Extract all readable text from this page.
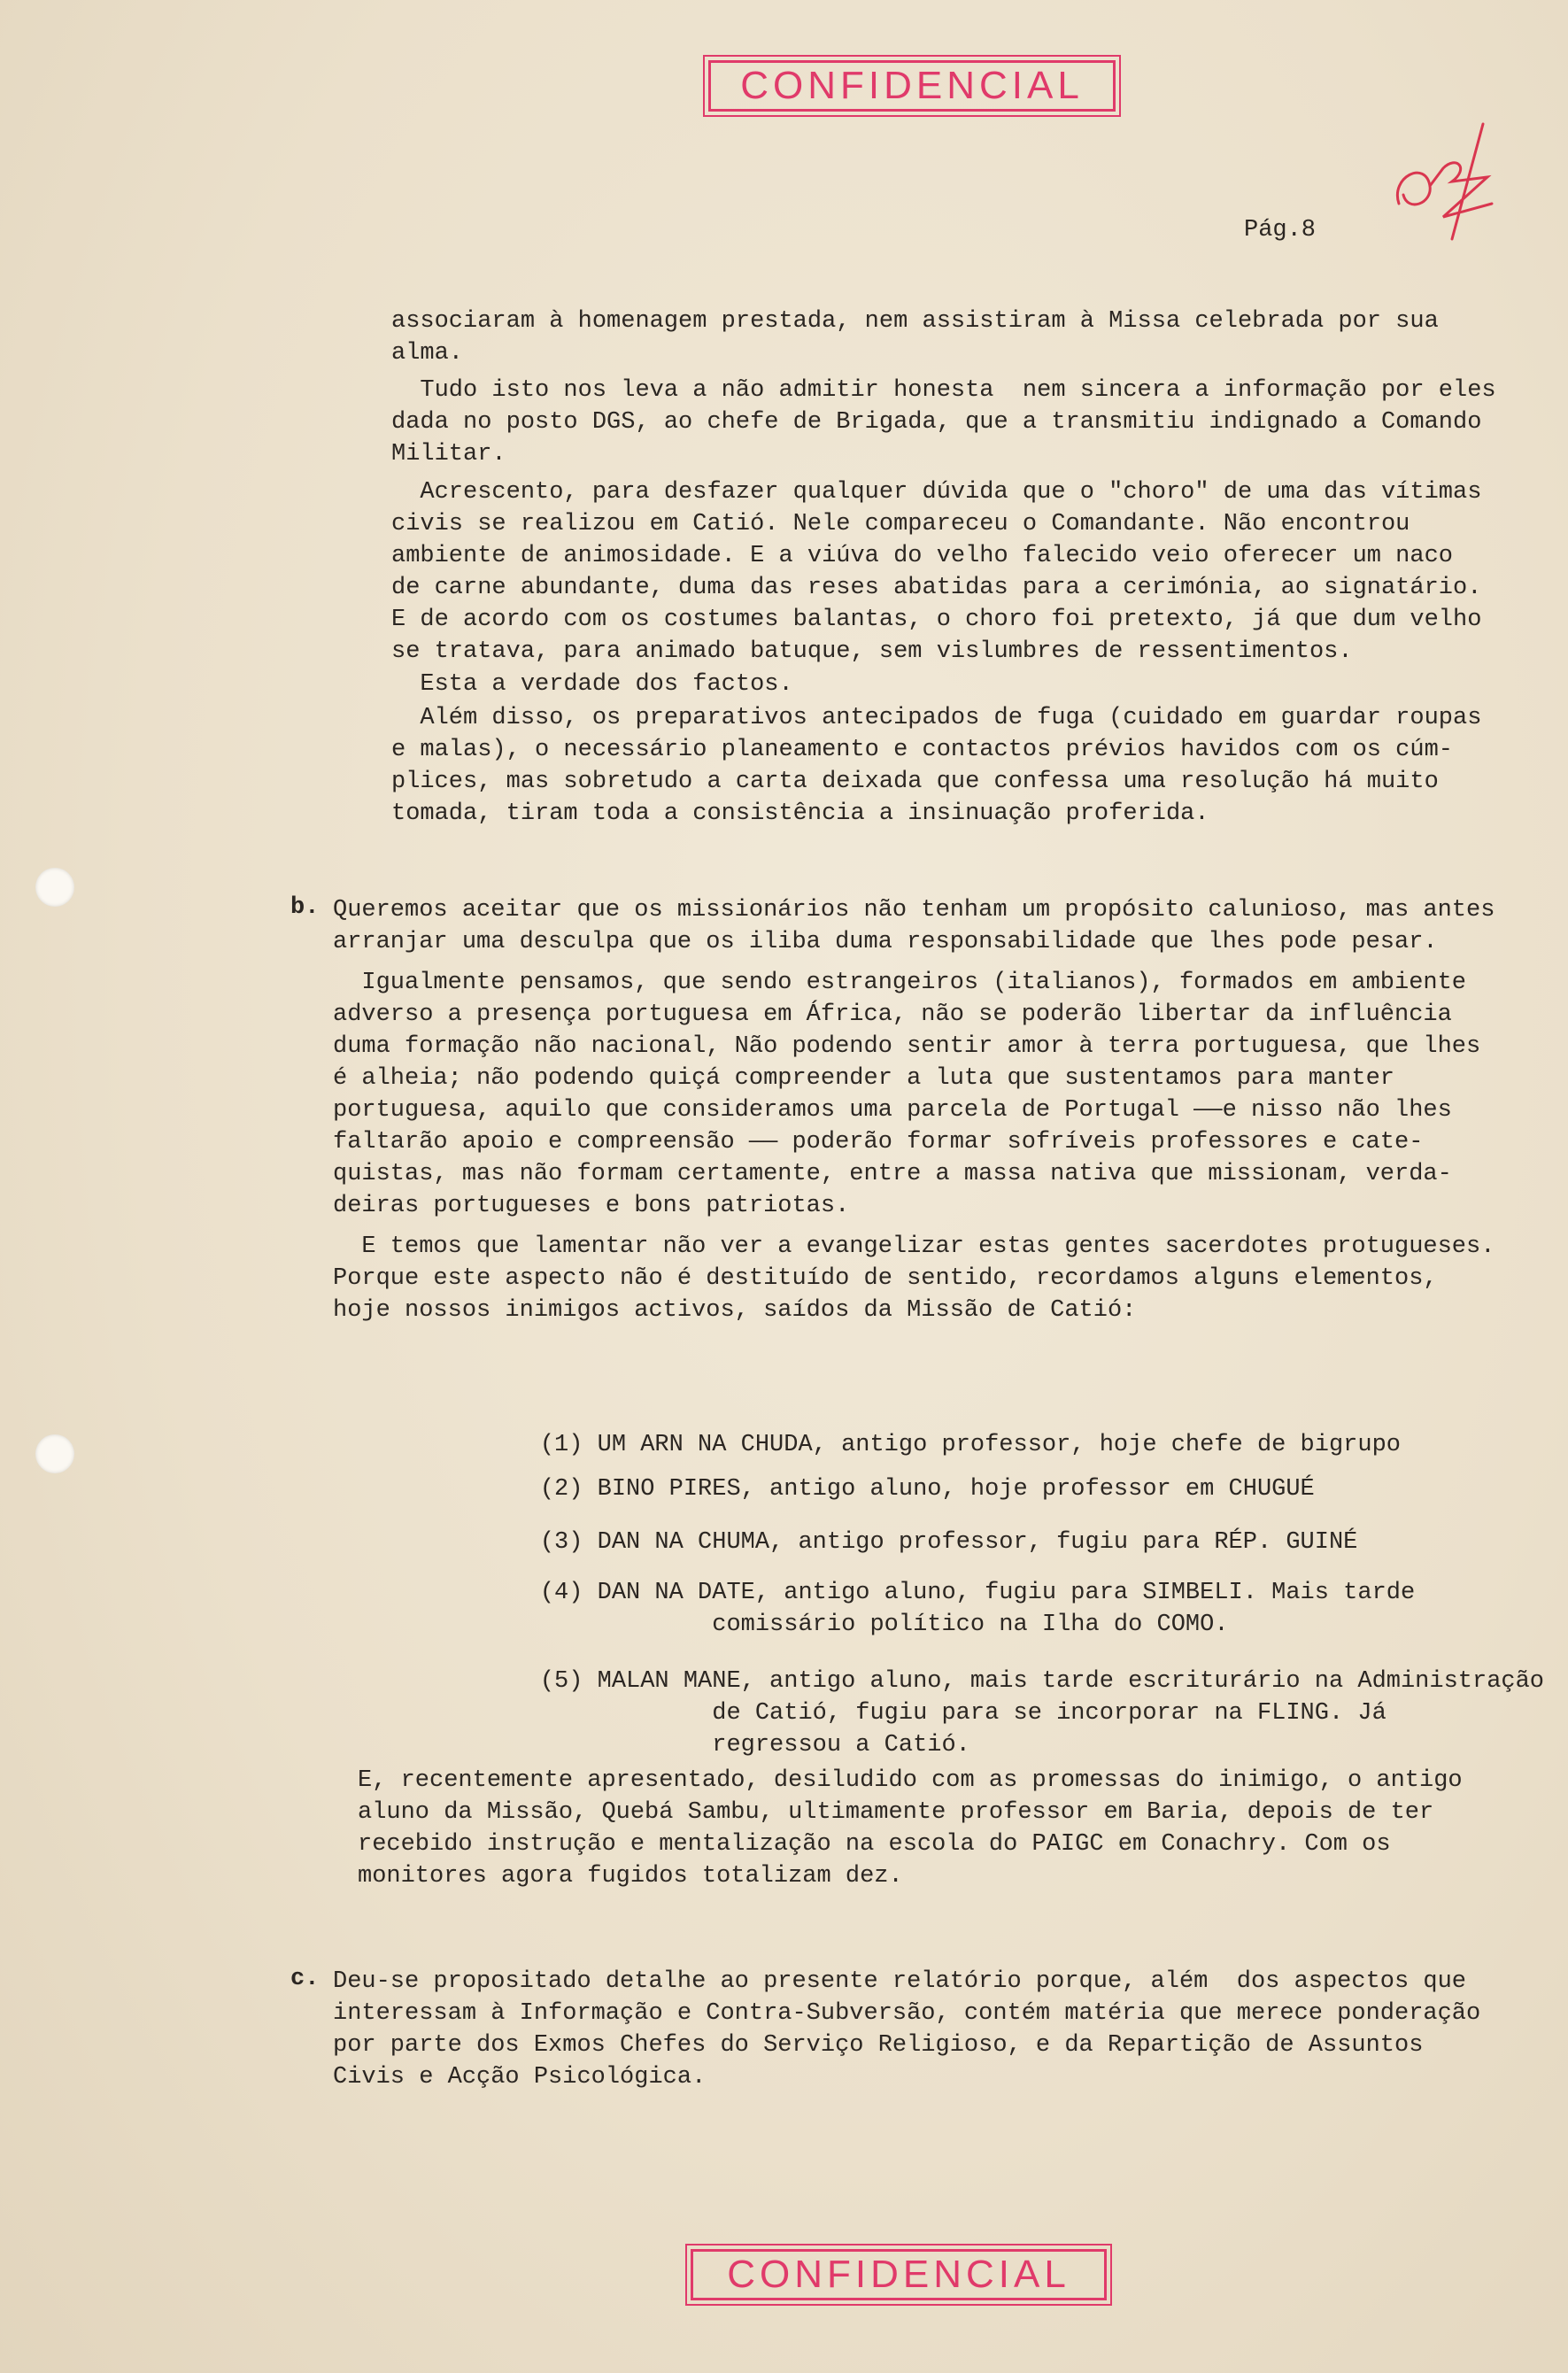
CONFIDENCIAL
Pág.8

associaram à homenagem prestada, nem assistiram à Missa celebrada por sua
alma.

Tudo isto nos leva a não admitir honesta  nem sincera a informação por eles
dada no posto DGS, ao chefe de Brigada, que a transmitiu indignado a Comando
Militar.

Acrescento, para desfazer qualquer dúvida que o "choro" de uma das vítimas
civis se realizou em Catió. Nele compareceu o Comandante. Não encontrou
ambiente de animosidade. E a viúva do velho falecido veio oferecer um naco
de carne abundante, duma das reses abatidas para a cerimónia, ao signatário.
E de acordo com os costumes balantas, o choro foi pretexto, já que dum velho
se tratava, para animado batuque, sem vislumbres de ressentimentos.

Esta a verdade dos factos.

Além disso, os preparativos antecipados de fuga (cuidado em guardar roupas
e malas), o necessário planeamento e contactos prévios havidos com os cúm-
plices, mas sobretudo a carta deixada que confessa uma resolução há muito
tomada, tiram toda a consistência a insinuação proferida.

b. Queremos aceitar que os missionários não tenham um propósito calunioso, mas antes
arranjar uma desculpa que os iliba duma responsabilidade que lhes pode pesar.

Igualmente pensamos, que sendo estrangeiros (italianos), formados em ambiente
adverso a presença portuguesa em África, não se poderão libertar da influência
duma formação não nacional, Não podendo sentir amor à terra portuguesa, que lhes
é alheia; não podendo quiçá compreender a luta que sustentamos para manter
portuguesa, aquilo que consideramos uma parcela de Portugal ——e nisso não lhes
faltarão apoio e compreensão —— poderão formar sofríveis professores e cate-
quistas, mas não formam certamente, entre a massa nativa que missionam, verda-
deiras portugueses e bons patriotas.

E temos que lamentar não ver a evangelizar estas gentes sacerdotes protugueses.
Porque este aspecto não é destituído de sentido, recordamos alguns elementos,
hoje nossos inimigos activos, saídos da Missão de Catió:

(1) UM ARN NA CHUDA, antigo professor, hoje chefe de bigrupo

(2) BINO PIRES, antigo aluno, hoje professor em CHUGUÉ

(3) DAN NA CHUMA, antigo professor, fugiu para RÉP. GUINÉ

(4) DAN NA DATE, antigo aluno, fugiu para SIMBELI. Mais tarde
comissário político na Ilha do COMO.

(5) MALAN MANE, antigo aluno, mais tarde escriturário na Administração
de Catió, fugiu para se incorporar na FLING. Já
regressou a Catió.

E, recentemente apresentado, desiludido com as promessas do inimigo, o antigo
aluno da Missão, Quebá Sambu, ultimamente professor em Baria, depois de ter
recebido instrução e mentalização na escola do PAIGC em Conachry. Com os
monitores agora fugidos totalizam dez.

c. Deu-se propositado detalhe ao presente relatório porque, além  dos aspectos que
interessam à Informação e Contra-Subversão, contém matéria que merece ponderação
por parte dos Exmos Chefes do Serviço Religioso, e da Repartição de Assuntos
Civis e Acção Psicológica.

CONFIDENCIAL
